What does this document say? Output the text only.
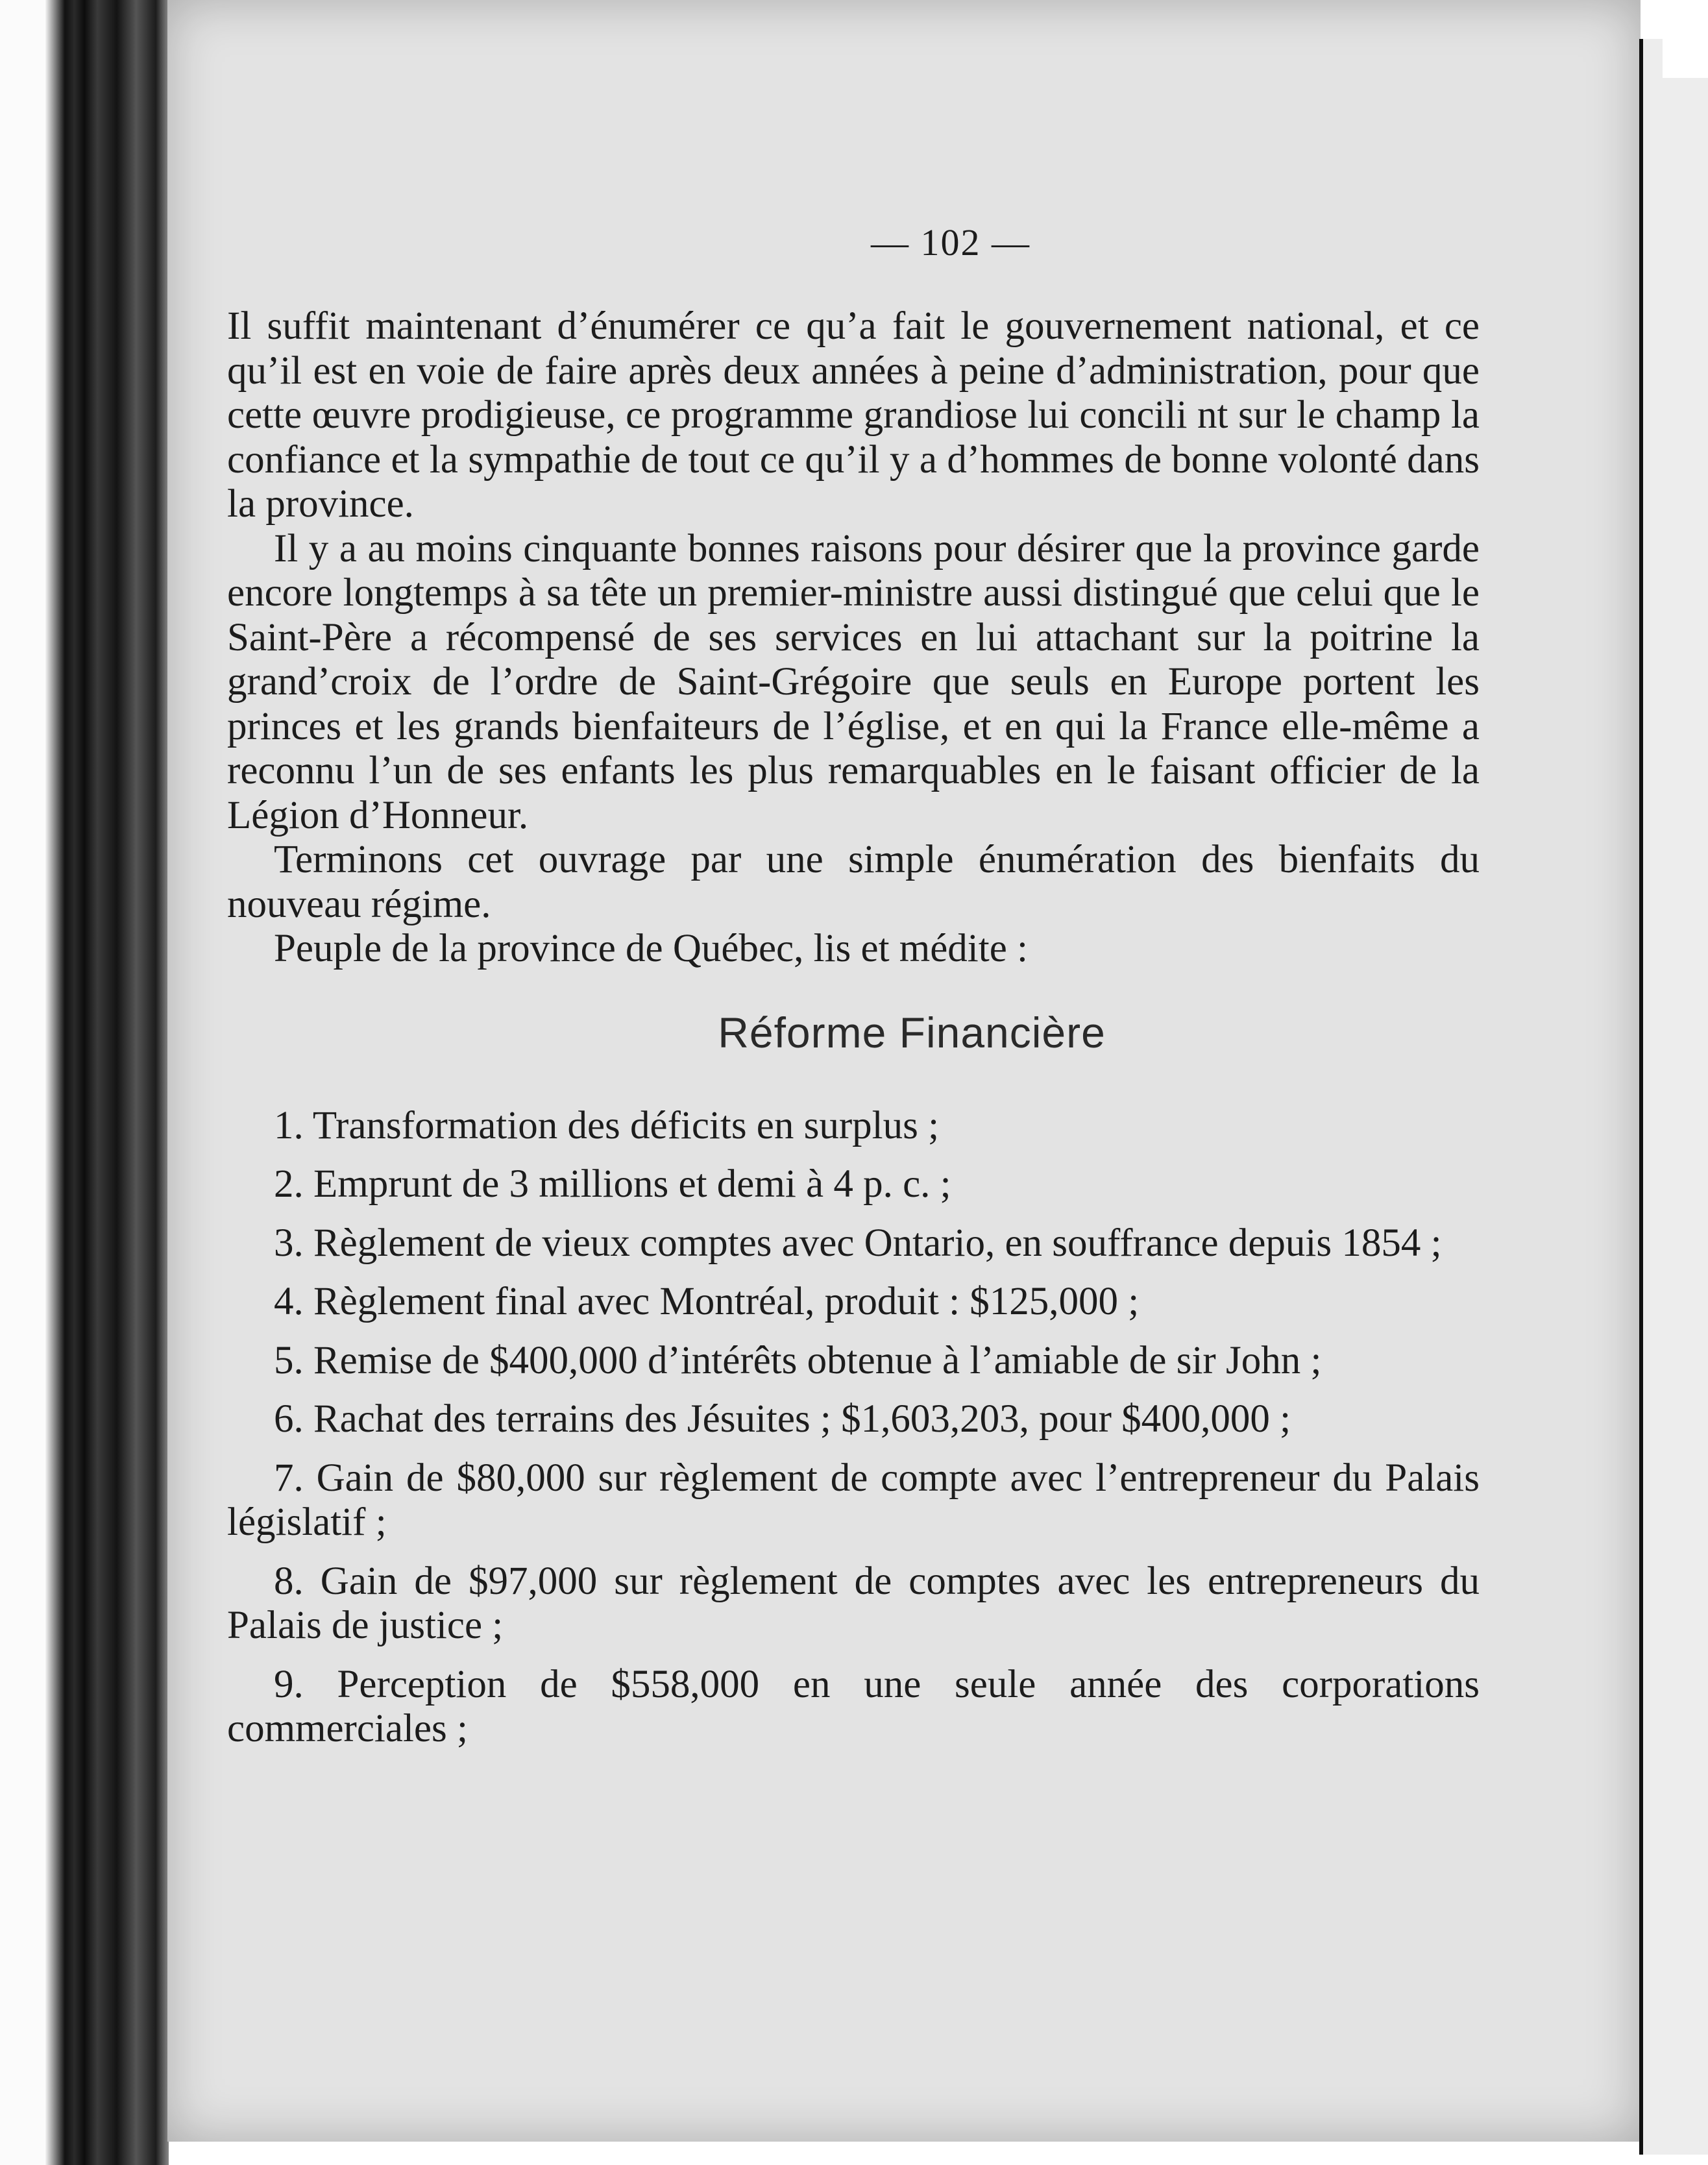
— 102 —

Il suffit maintenant d’énumérer ce qu’a fait le gouvernement national, et ce qu’il est en voie de faire après deux années à peine d’administration, pour que cette œuvre prodigieuse, ce programme grandiose lui concili nt sur le champ la confiance et la sympathie de tout ce qu’il y a d’hommes de bonne volonté dans la province.

Il y a au moins cinquante bonnes raisons pour désirer que la province garde encore longtemps à sa tête un premier-ministre aussi distingué que celui que le Saint-Père a récompensé de ses services en lui attachant sur la poitrine la grand’croix de l’ordre de Saint-Grégoire que seuls en Europe portent les princes et les grands bienfaiteurs de l’église, et en qui la France elle-même a reconnu l’un de ses enfants les plus remarquables en le faisant officier de la Légion d’Honneur.

Terminons cet ouvrage par une simple énumération des bienfaits du nouveau régime.

Peuple de la province de Québec, lis et médite :

Réforme Financière

1. Transformation des déficits en surplus ;

2. Emprunt de 3 millions et demi à 4 p. c. ;

3. Règlement de vieux comptes avec Ontario, en souffrance depuis 1854 ;

4. Règlement final avec Montréal, produit : $125,000 ;

5. Remise de $400,000 d’intérêts obtenue à l’amiable de sir John ;

6. Rachat des terrains des Jésuites ; $1,603,203, pour $400,000 ;

7. Gain de $80,000 sur règlement de compte avec l’entrepreneur du Palais législatif ;

8. Gain de $97,000 sur règlement de comptes avec les entrepreneurs du Palais de justice ;

9. Perception de $558,000 en une seule année des corporations commerciales ;
